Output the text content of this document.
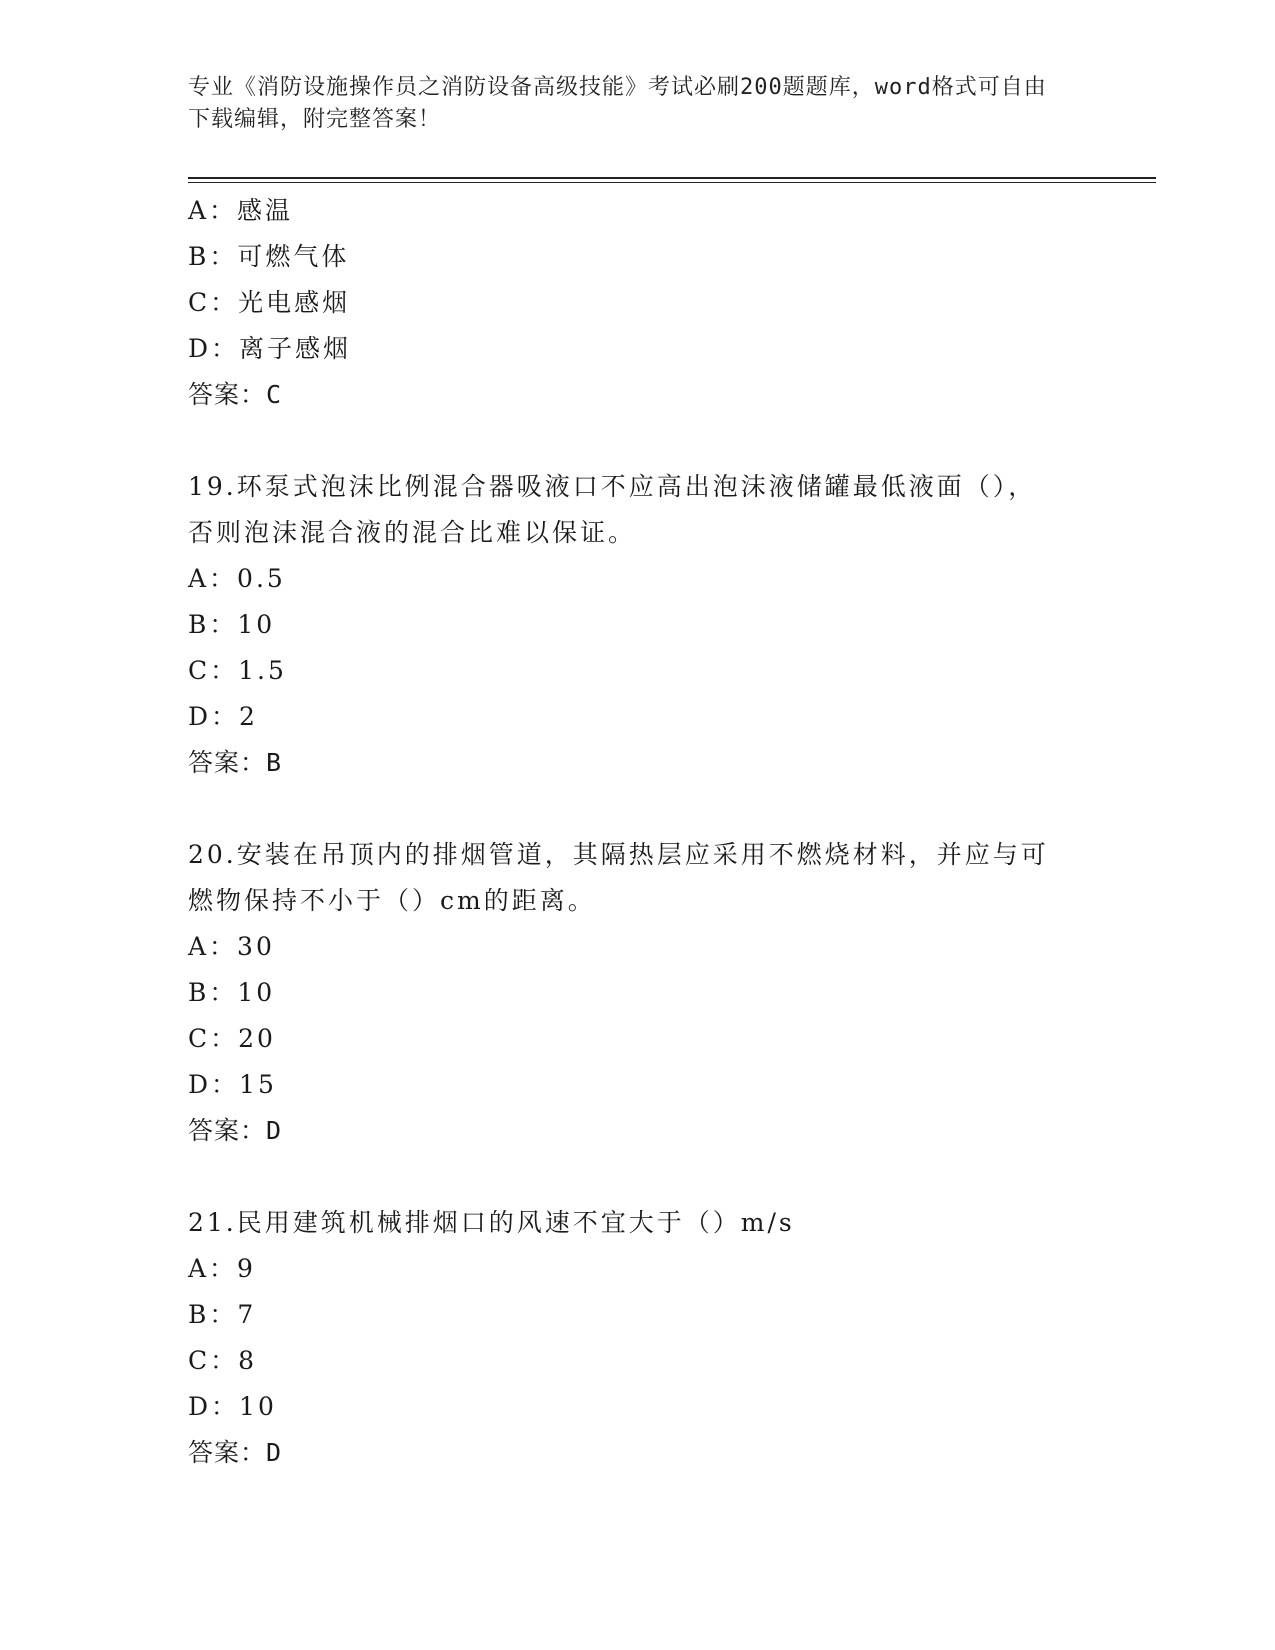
专业《消防设施操作员之消防设备高级技能》考试必刷200题题库，word格式可自由下载编辑，附完整答案！
A：感温
B：可燃气体
C：光电感烟
D：离子感烟
答案：C
19.环泵式泡沫比例混合器吸液口不应高出泡沫液储罐最低液面（），
否则泡沫混合液的混合比难以保证。
A：0.5
B：10
C：1.5
D：2
答案：B
20.安装在吊顶内的排烟管道，其隔热层应采用不燃烧材料，并应与可
燃物保持不小于（）cm的距离。
A：30
B：10
C：20
D：15
答案：D
21.民用建筑机械排烟口的风速不宜大于（）m/s
A：9
B：7
C：8
D：10
答案：D
